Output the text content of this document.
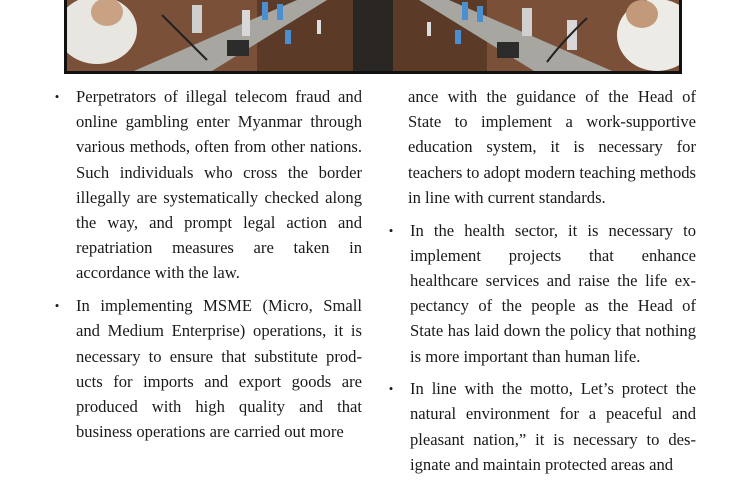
• Perpetrators of illegal telecom fraud and online gambling enter Myanmar through various methods, often from other nations. Such individuals who cross the border illegally are systematically checked along the way, and prompt legal action and repatriation measures are taken in accordance with the law.
• In implementing MSME (Micro, Small and Medium Enterprise) operations, it is necessary to ensure that substitute products for imports and export goods are produced with high quality and that business operations are carried out more
ance with the guidance of the Head of State to implement a work-supportive education system, it is necessary for teachers to adopt modern teaching methods in line with current standards.
• In the health sector, it is necessary to implement projects that enhance healthcare services and raise the life expectancy of the people as the Head of State has laid down the policy that nothing is more important than human life.
• In line with the motto, Let’s protect the natural environment for a peaceful and pleasant nation,” it is necessary to designate and maintain protected areas and
